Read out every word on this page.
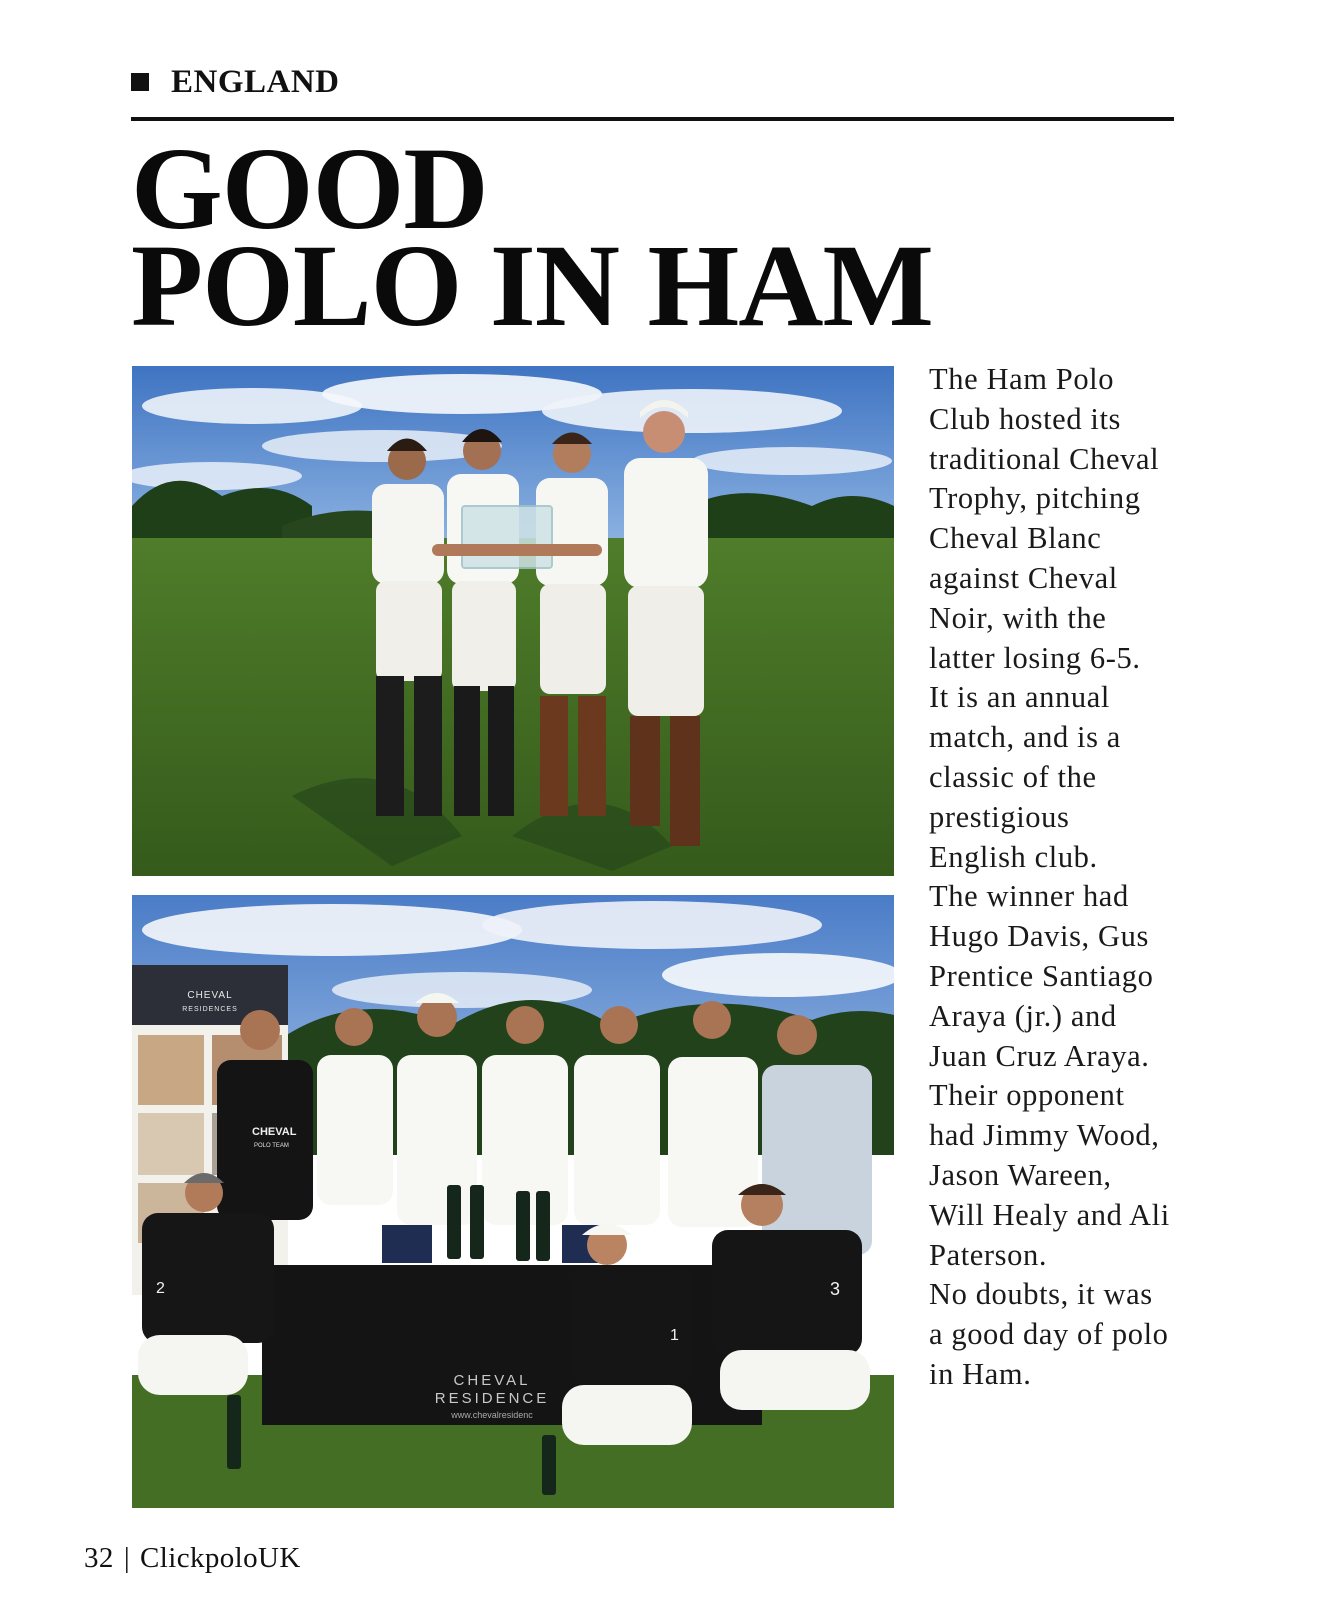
ENGLAND
GOOD
POLO IN HAM
CHEVAL
RESIDENCES
CHEVAL
RESIDENCE
www.chevalresidenc
2
1
3
CHEVAL
POLO TEAM

The Ham Polo Club hosted its traditional Cheval Trophy, pitching Cheval Blanc against Cheval Noir, with the latter losing 6-5.

It is an annual match, and is a classic of the prestigious English club.

The winner had Hugo Davis, Gus Prentice Santiago Araya (jr.) and Juan Cruz Araya.

Their opponent had Jimmy Wood, Jason Wareen, Will Healy and Ali Paterson.

No doubts, it was a good day of polo in Ham.

32 | ClickpoloUK
